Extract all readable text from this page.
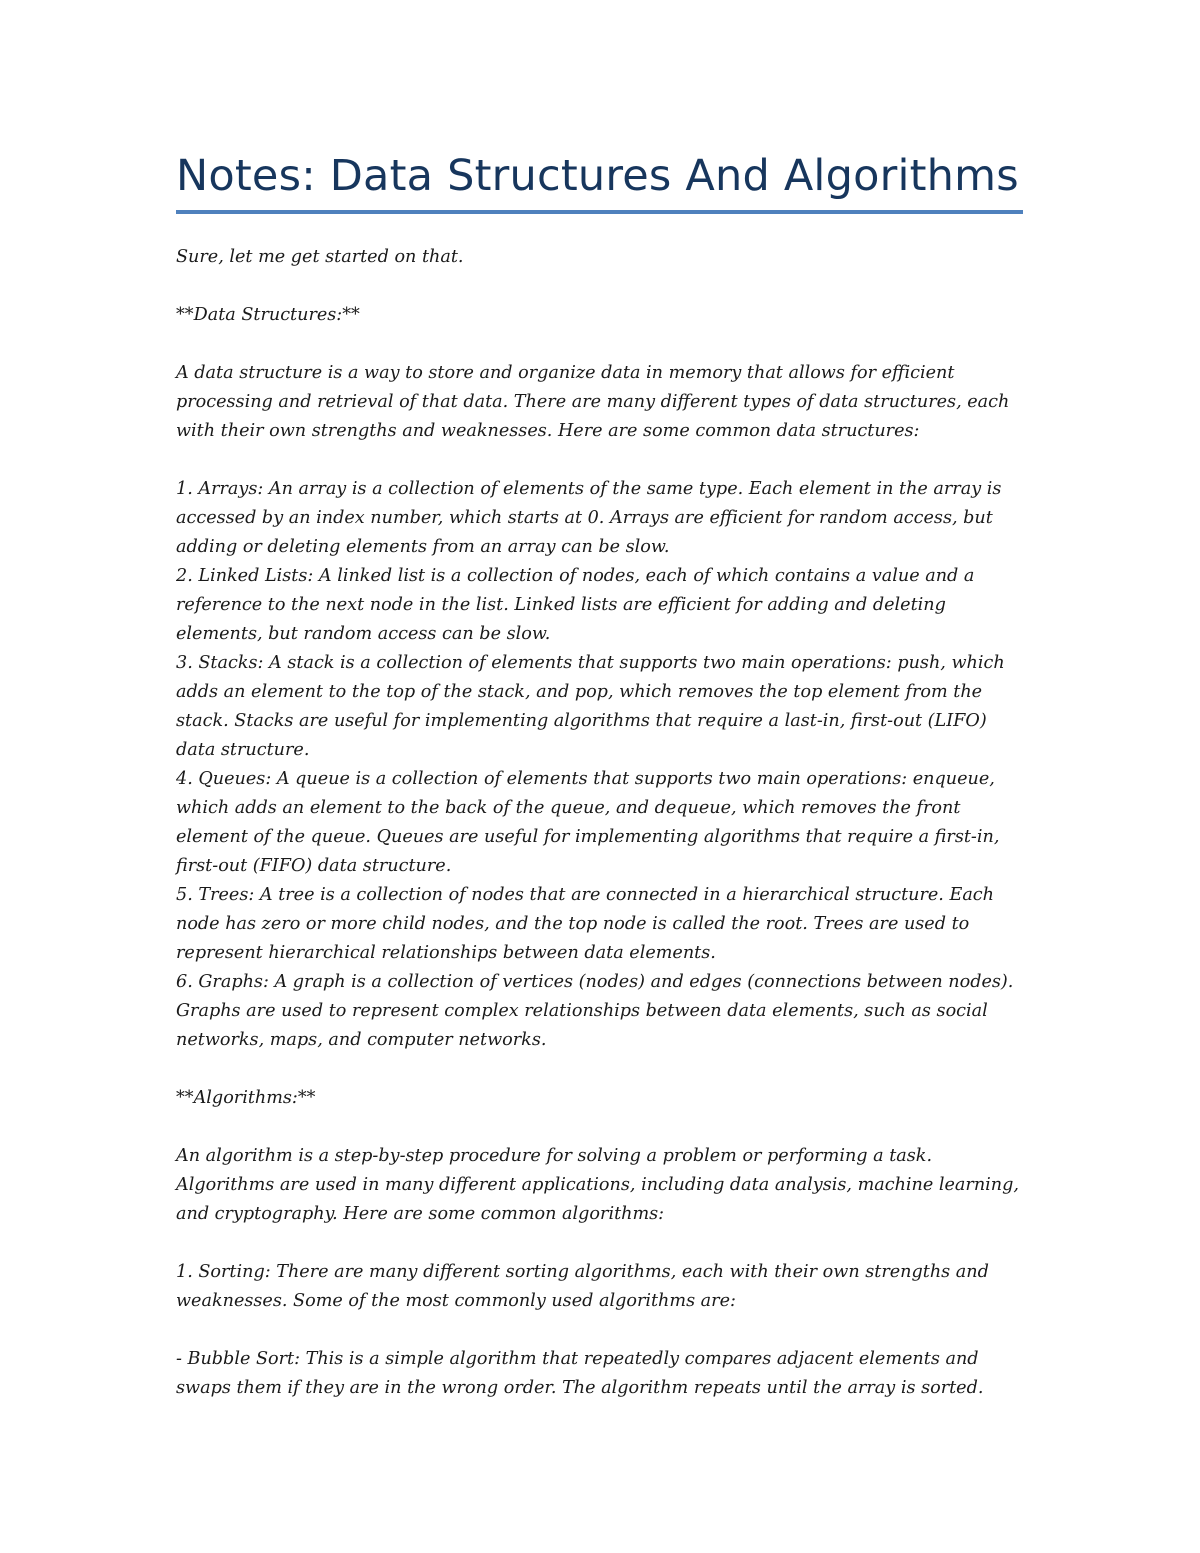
Notes: Data Structures And Algorithms

Sure, let me get started on that.

**Data Structures:**

A data structure is a way to store and organize data in memory that allows for efficient processing and retrieval of that data. There are many different types of data structures, each with their own strengths and weaknesses. Here are some common data structures:

1. Arrays: An array is a collection of elements of the same type. Each element in the array is accessed by an index number, which starts at 0. Arrays are efficient for random access, but adding or deleting elements from an array can be slow.

2. Linked Lists: A linked list is a collection of nodes, each of which contains a value and a reference to the next node in the list. Linked lists are efficient for adding and deleting elements, but random access can be slow.

3. Stacks: A stack is a collection of elements that supports two main operations: push, which adds an element to the top of the stack, and pop, which removes the top element from the stack. Stacks are useful for implementing algorithms that require a last-in, first-out (LIFO) data structure.

4. Queues: A queue is a collection of elements that supports two main operations: enqueue, which adds an element to the back of the queue, and dequeue, which removes the front element of the queue. Queues are useful for implementing algorithms that require a first-in, first-out (FIFO) data structure.

5. Trees: A tree is a collection of nodes that are connected in a hierarchical structure. Each node has zero or more child nodes, and the top node is called the root. Trees are used to represent hierarchical relationships between data elements.

6. Graphs: A graph is a collection of vertices (nodes) and edges (connections between nodes). Graphs are used to represent complex relationships between data elements, such as social networks, maps, and computer networks.

**Algorithms:**

An algorithm is a step-by-step procedure for solving a problem or performing a task. Algorithms are used in many different applications, including data analysis, machine learning, and cryptography. Here are some common algorithms:

1. Sorting: There are many different sorting algorithms, each with their own strengths and weaknesses. Some of the most commonly used algorithms are:

- Bubble Sort: This is a simple algorithm that repeatedly compares adjacent elements and swaps them if they are in the wrong order. The algorithm repeats until the array is sorted.
